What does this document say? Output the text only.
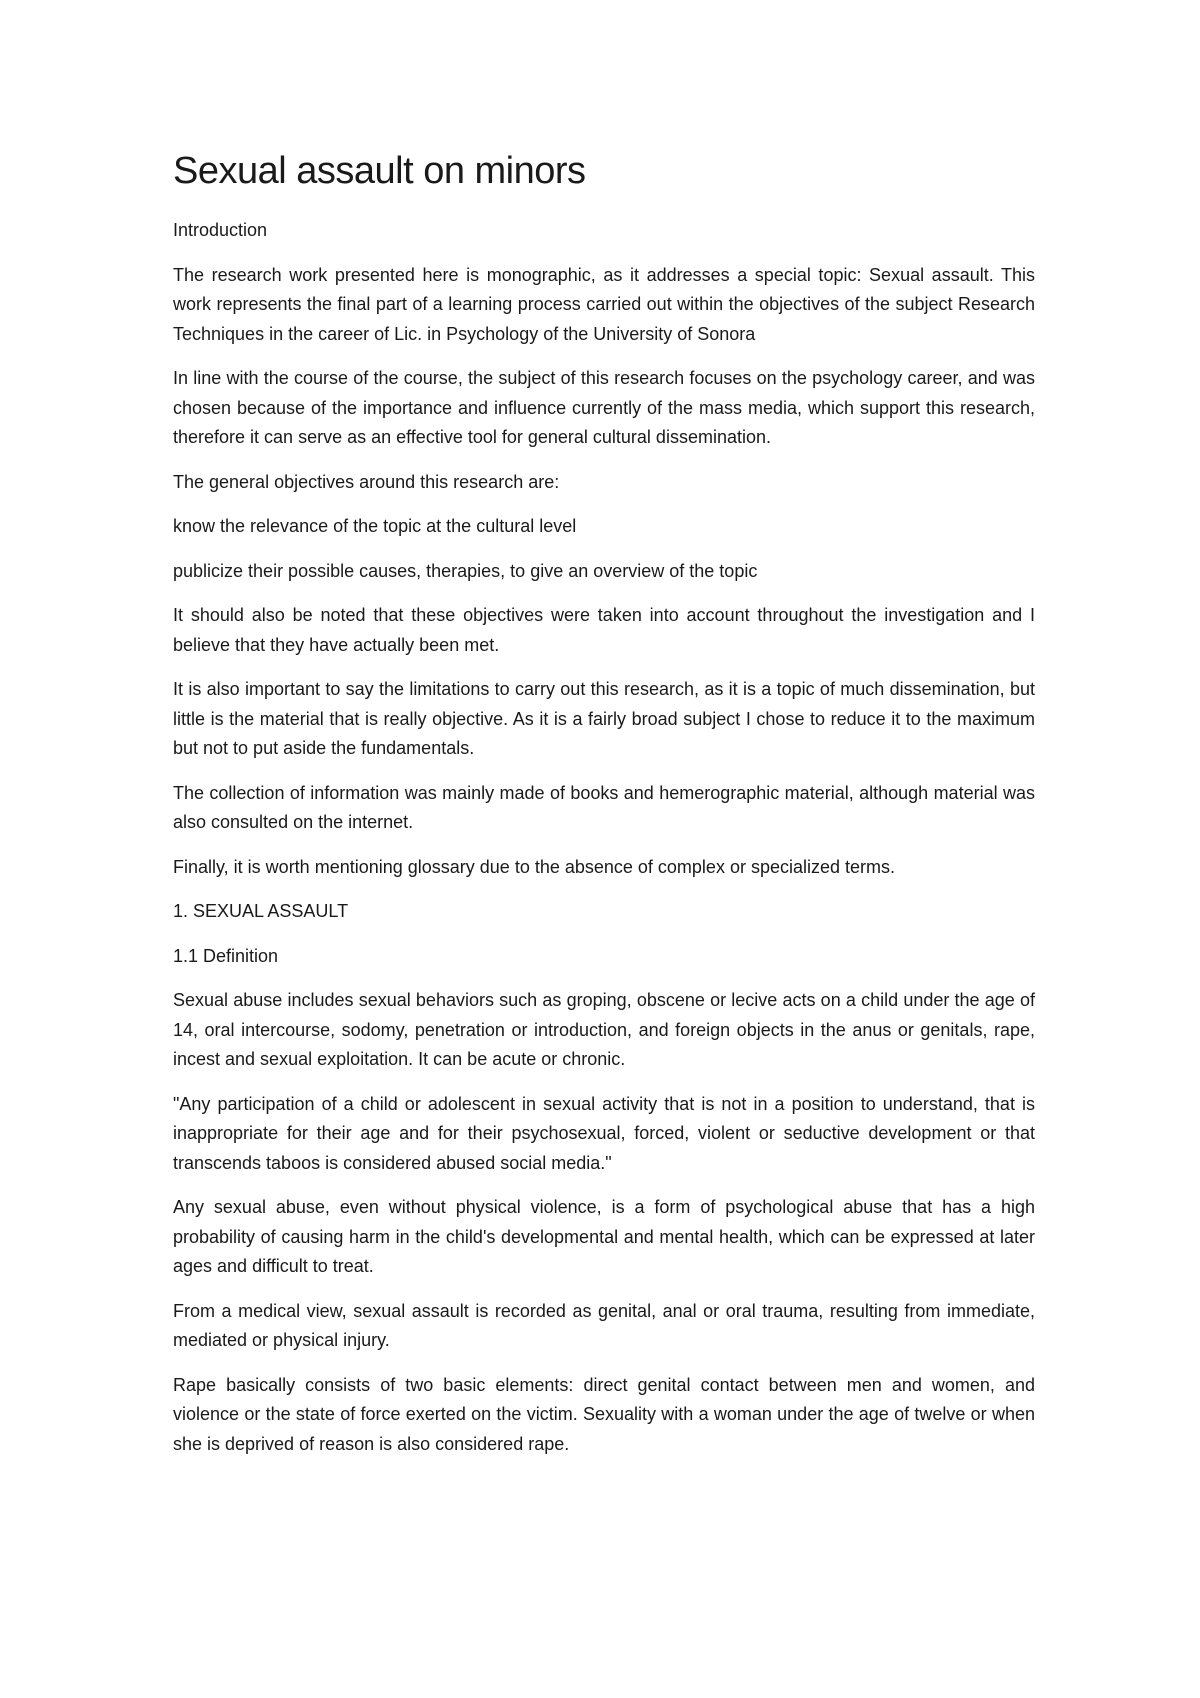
Sexual assault on minors

Introduction

The research work presented here is monographic, as it addresses a special topic: Sexual assault. This work represents the final part of a learning process carried out within the objectives of the subject Research Techniques in the career of Lic. in Psychology of the University of Sonora

In line with the course of the course, the subject of this research focuses on the psychology career, and was chosen because of the importance and influence currently of the mass media, which support this research, therefore it can serve as an effective tool for general cultural dissemination.

The general objectives around this research are:

know the relevance of the topic at the cultural level

publicize their possible causes, therapies, to give an overview of the topic

It should also be noted that these objectives were taken into account throughout the investigation and I believe that they have actually been met.

It is also important to say the limitations to carry out this research, as it is a topic of much dissemination, but little is the material that is really objective. As it is a fairly broad subject I chose to reduce it to the maximum but not to put aside the fundamentals.

The collection of information was mainly made of books and hemerographic material, although material was also consulted on the internet.

Finally, it is worth mentioning glossary due to the absence of complex or specialized terms.

1. SEXUAL ASSAULT

1.1 Definition

Sexual abuse includes sexual behaviors such as groping, obscene or lecive acts on a child under the age of 14, oral intercourse, sodomy, penetration or introduction, and foreign objects in the anus or genitals, rape, incest and sexual exploitation. It can be acute or chronic.

"Any participation of a child or adolescent in sexual activity that is not in a position to understand, that is inappropriate for their age and for their psychosexual, forced, violent or seductive development or that transcends taboos is considered abused social media."

Any sexual abuse, even without physical violence, is a form of psychological abuse that has a high probability of causing harm in the child's developmental and mental health, which can be expressed at later ages and difficult to treat.

From a medical view, sexual assault is recorded as genital, anal or oral trauma, resulting from immediate, mediated or physical injury.

Rape basically consists of two basic elements: direct genital contact between men and women, and violence or the state of force exerted on the victim. Sexuality with a woman under the age of twelve or when she is deprived of reason is also considered rape.
